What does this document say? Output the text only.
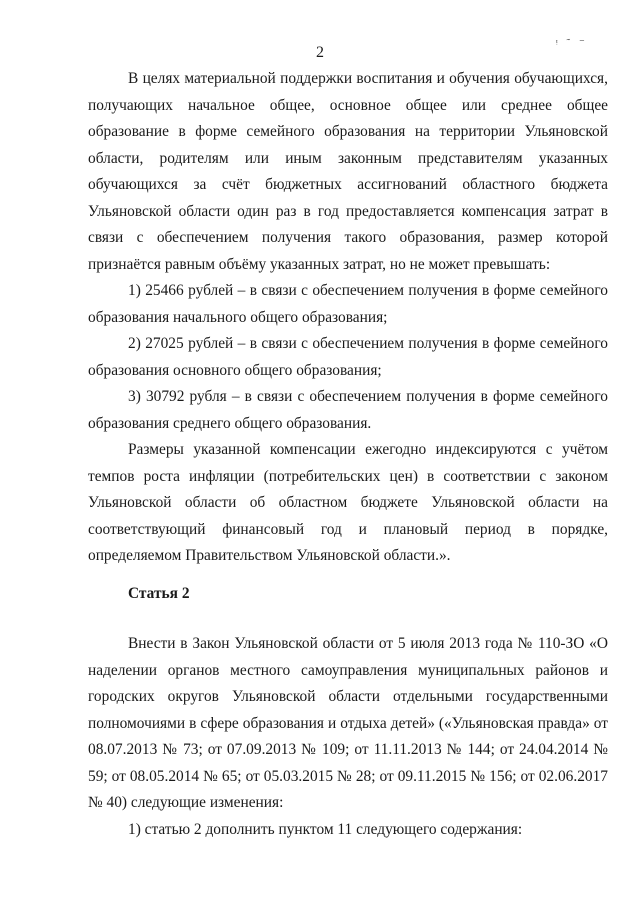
2
ᵎ ˜ ⁻

В целях материальной поддержки воспитания и обучения обучающихся, получающих начальное общее, основное общее или среднее общее образование в форме семейного образования на территории Ульяновской области, родителям или иным законным представителям указанных обучающихся за счёт бюджетных ассигнований областного бюджета Ульяновской области один раз в год предоставляется компенсация затрат в связи с обеспечением получения такого образования, размер которой признаётся равным объёму указанных затрат, но не может превышать:

1) 25466 рублей – в связи с обеспечением получения в форме семейного образования начального общего образования;

2) 27025 рублей – в связи с обеспечением получения в форме семейного образования основного общего образования;

3) 30792 рубля – в связи с обеспечением получения в форме семейного образования среднего общего образования.

Размеры указанной компенсации ежегодно индексируются с учётом темпов роста инфляции (потребительских цен) в соответствии с законом Ульяновской области об областном бюджете Ульяновской области на соответствующий финансовый год и плановый период в порядке, определяемом Правительством Ульяновской области.».

Статья 2

Внести в Закон Ульяновской области от 5 июля 2013 года № 110-ЗО «О наделении органов местного самоуправления муниципальных районов и городских округов Ульяновской области отдельными государственными полномочиями в сфере образования и отдыха детей» («Ульяновская правда» от 08.07.2013 № 73; от 07.09.2013 № 109; от 11.11.2013 № 144; от 24.04.2014 № 59; от 08.05.2014 № 65; от 05.03.2015 № 28; от 09.11.2015 № 156; от 02.06.2017 № 40) следующие изменения:

1) статью 2 дополнить пунктом 11 следующего содержания:
